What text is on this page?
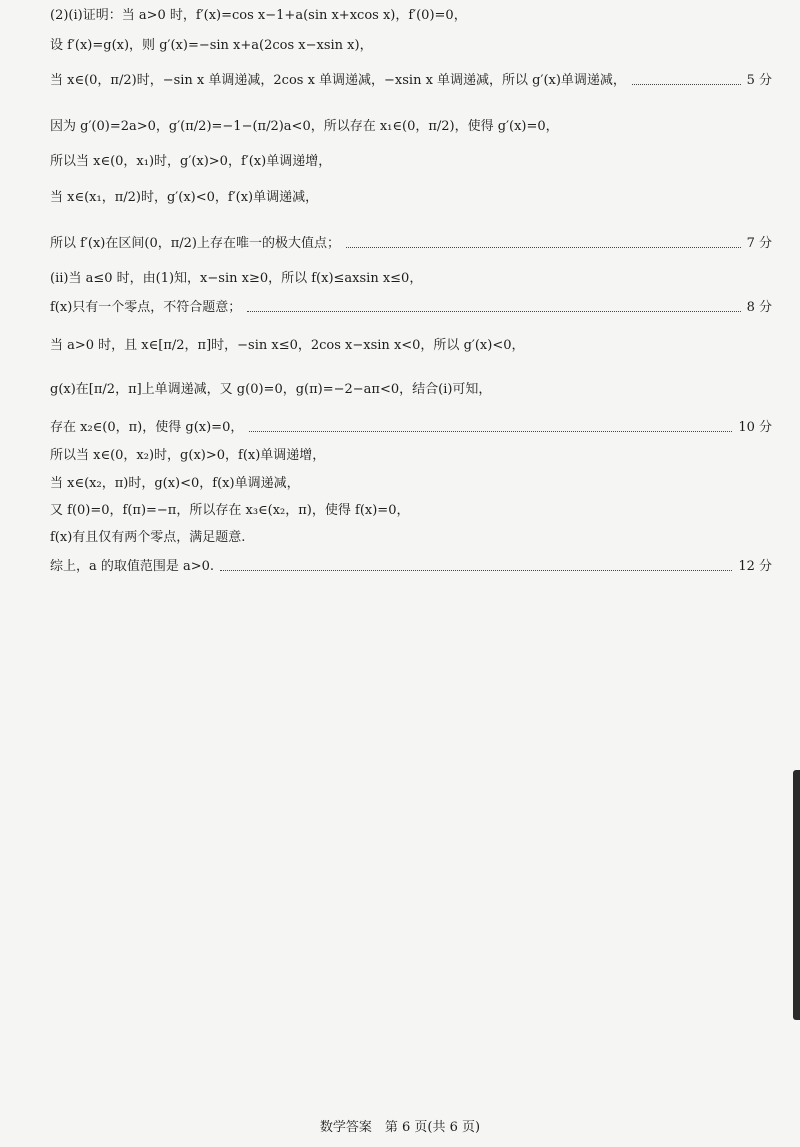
(2)(ⅰ)证明：当 a>0 时，f′(x)=cos x−1+a(sin x+xcos x)，f′(0)=0，
设 f′(x)=g(x)，则 g′(x)=−sin x+a(2cos x−xsin x)，
当 x∈(0，π/2)时，−sin x 单调递减，2cos x 单调递减，−xsin x 单调递减，所以 g′(x)单调递减，	5 分
因为 g′(0)=2a>0，g′(π/2)=−1−(π/2)a<0，所以存在 x₁∈(0，π/2)，使得 g′(x)=0，
所以当 x∈(0，x₁)时，g′(x)>0，f′(x)单调递增，
当 x∈(x₁，π/2)时，g′(x)<0，f′(x)单调递减，
所以 f′(x)在区间(0，π/2)上存在唯一的极大值点；	7 分
(ⅱ)当 a≤0 时，由(1)知，x−sin x≥0，所以 f(x)≤axsin x≤0，
f(x)只有一个零点，不符合题意；	8 分
当 a>0 时，且 x∈[π/2，π]时，−sin x≤0，2cos x−xsin x<0，所以 g′(x)<0，
g(x)在[π/2，π]上单调递减，又 g(0)=0，g(π)=−2−aπ<0，结合(ⅰ)可知，
存在 x₂∈(0，π)，使得 g(x)=0，	10 分
所以当 x∈(0，x₂)时，g(x)>0，f(x)单调递增，
当 x∈(x₂，π)时，g(x)<0，f(x)单调递减，
又 f(0)=0，f(π)=−π，所以存在 x₃∈(x₂，π)，使得 f(x)=0，
f(x)有且仅有两个零点，满足题意.
综上，a 的取值范围是 a>0.	12 分
数学答案　第 6 页(共 6 页)
